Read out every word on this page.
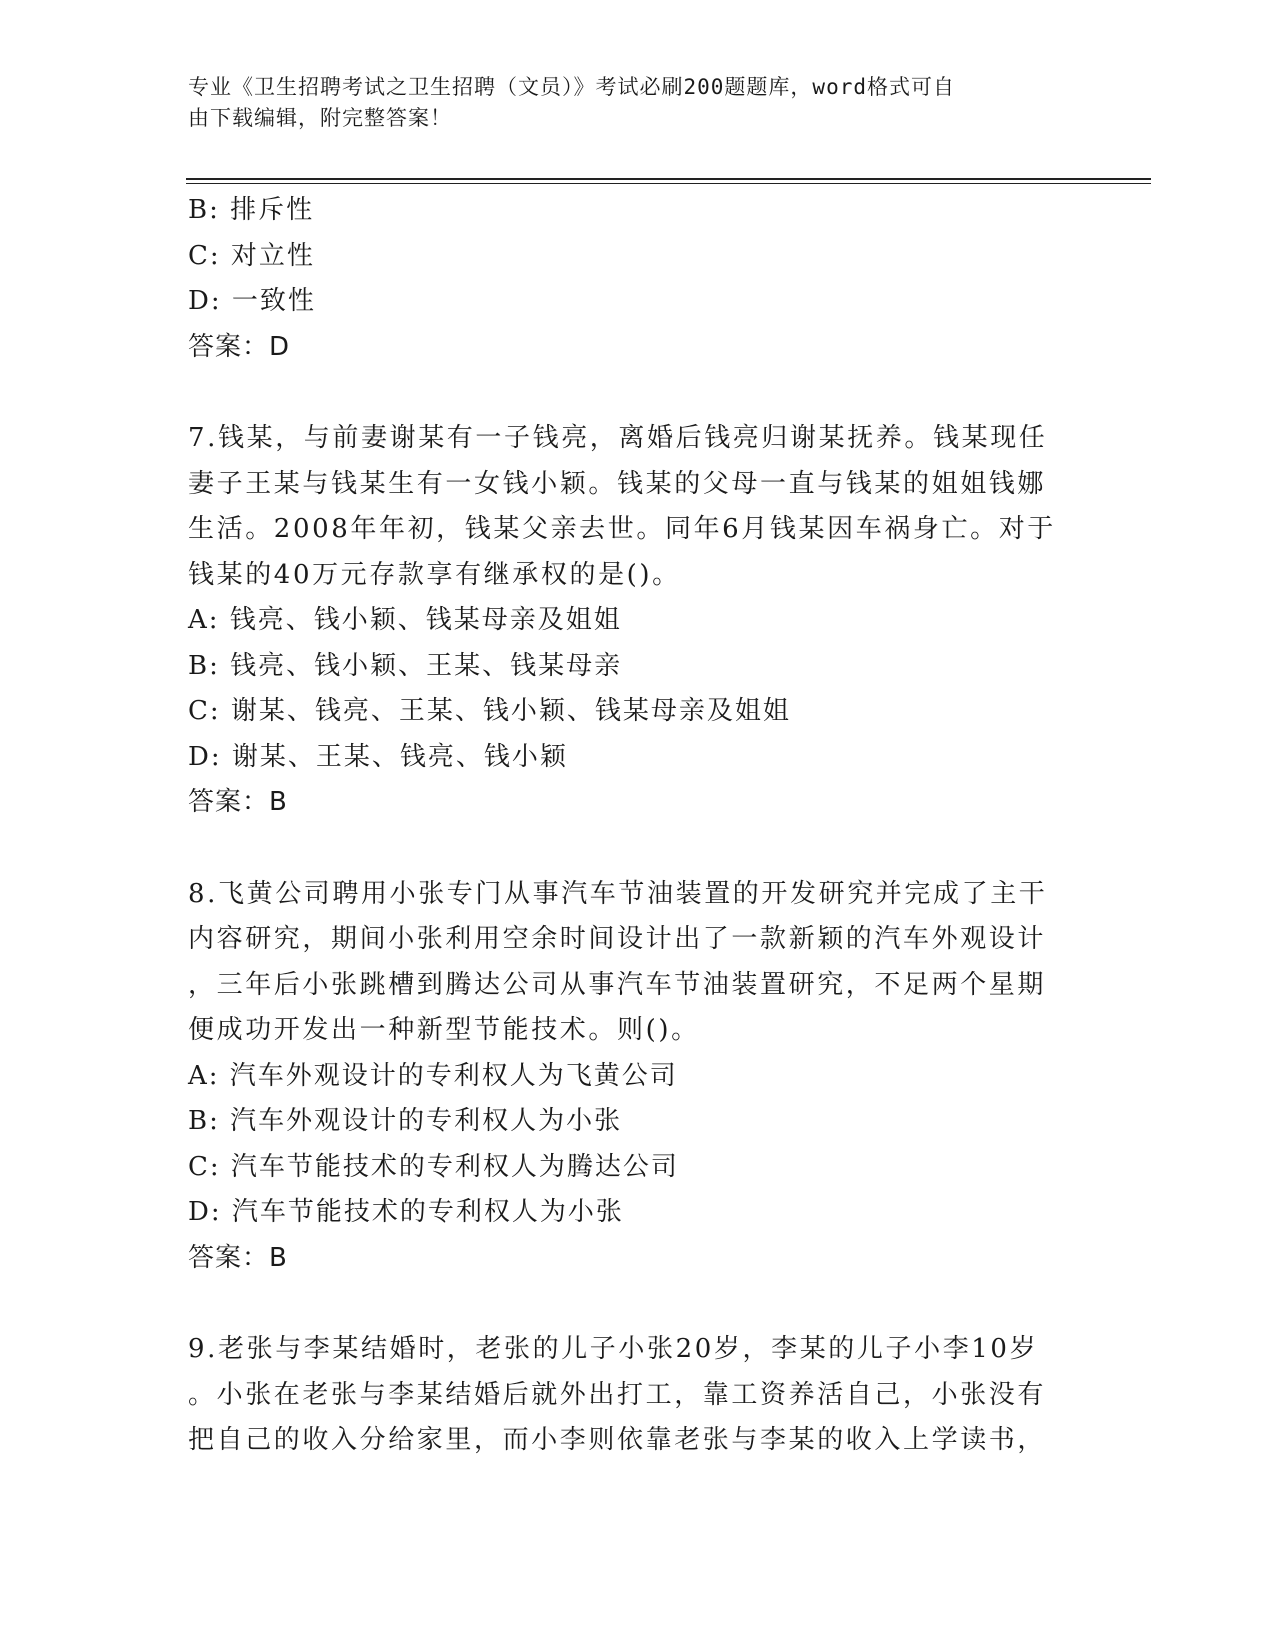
专业《卫生招聘考试之卫生招聘（文员）》考试必刷200题题库，word格式可自
由下载编辑，附完整答案！
B: 排斥性
C: 对立性
D: 一致性
答案：D
7.钱某，与前妻谢某有一子钱亮，离婚后钱亮归谢某抚养。钱某现任
妻子王某与钱某生有一女钱小颖。钱某的父母一直与钱某的姐姐钱娜
生活。2008年年初，钱某父亲去世。同年6月钱某因车祸身亡。对于
钱某的40万元存款享有继承权的是()。
A: 钱亮、钱小颖、钱某母亲及姐姐
B: 钱亮、钱小颖、王某、钱某母亲
C: 谢某、钱亮、王某、钱小颖、钱某母亲及姐姐
D: 谢某、王某、钱亮、钱小颖
答案：B
8.飞黄公司聘用小张专门从事汽车节油装置的开发研究并完成了主干
内容研究，期间小张利用空余时间设计出了一款新颖的汽车外观设计
，三年后小张跳槽到腾达公司从事汽车节油装置研究，不足两个星期
便成功开发出一种新型节能技术。则()。
A: 汽车外观设计的专利权人为飞黄公司
B: 汽车外观设计的专利权人为小张
C: 汽车节能技术的专利权人为腾达公司
D: 汽车节能技术的专利权人为小张
答案：B
9.老张与李某结婚时，老张的儿子小张20岁，李某的儿子小李10岁
。小张在老张与李某结婚后就外出打工，靠工资养活自己，小张没有
把自己的收入分给家里，而小李则依靠老张与李某的收入上学读书，
